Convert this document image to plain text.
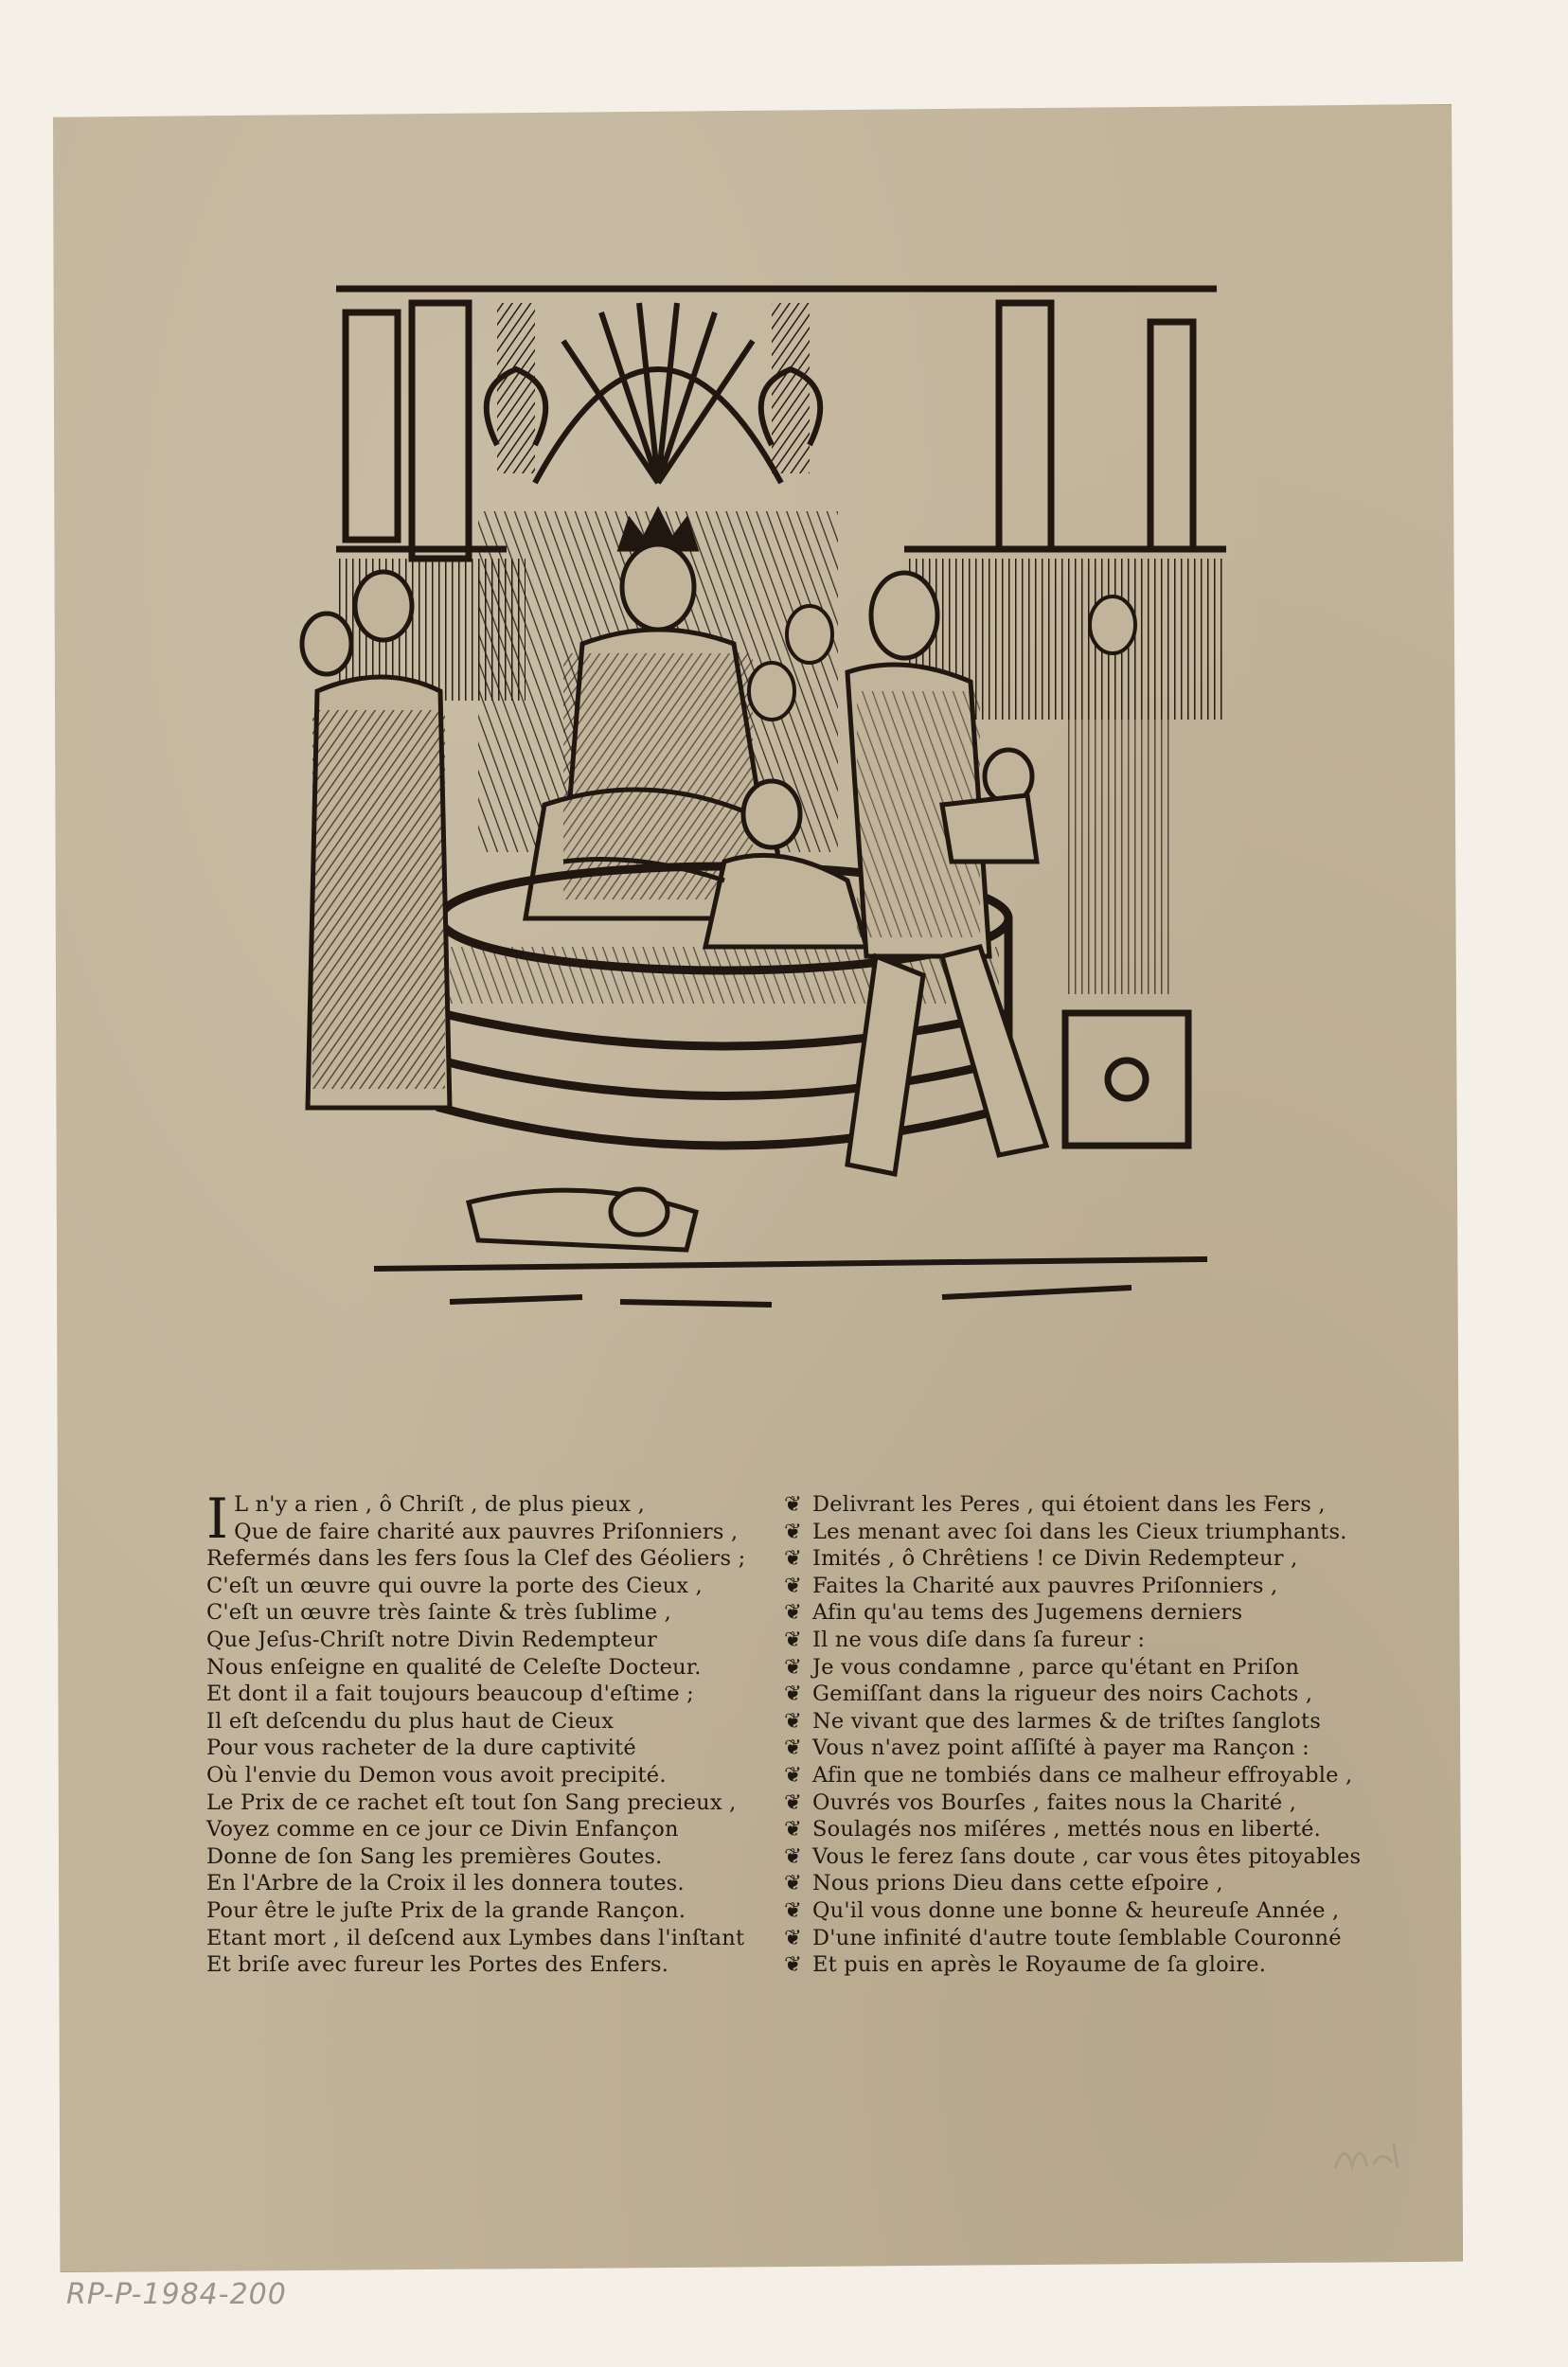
I L n'y a rien , ô Chriſt , de plus pieux ,
Que de faire charité aux pauvres Priſonniers ,
Refermés dans les fers ſous la Clef des Géoliers ;
C'eſt un œuvre qui ouvre la porte des Cieux ,
C'eſt un œuvre très ſainte & très ſublime ,
Que Jeſus-Chriſt notre Divin Redempteur
Nous enſeigne en qualité de Celeſte Docteur.
Et dont il a fait toujours beaucoup d'eſtime ;
Il eſt deſcendu du plus haut de Cieux
Pour vous racheter de la dure captivité
Où l'envie du Demon vous avoit precipité.
Le Prix de ce rachet eſt tout ſon Sang precieux ,
Voyez comme en ce jour ce Divin Enfançon
Donne de ſon Sang les premières Goutes.
En l'Arbre de la Croix il les donnera toutes.
Pour être le juſte Prix de la grande Rançon.
Etant mort , il deſcend aux Lymbes dans l'inſtant
Et briſe avec fureur les Portes des Enfers.
❦ Delivrant les Peres , qui étoient dans les Fers ,
❦ Les menant avec ſoi dans les Cieux triumphants.
❦ Imités , ô Chrêtiens ! ce Divin Redempteur ,
❦ Faites la Charité aux pauvres Priſonniers ,
❦ Afin qu'au tems des Jugemens derniers
❦ Il ne vous diſe dans ſa fureur :
❦ Je vous condamne , parce qu'étant en Priſon
❦ Gemiſſant dans la rigueur des noirs Cachots ,
❦ Ne vivant que des larmes & de triſtes ſanglots
❦ Vous n'avez point aſſiſté à payer ma Rançon :
❦ Afin que ne tombiés dans ce malheur effroyable ,
❦ Ouvrés vos Bourſes , faites nous la Charité ,
❦ Soulagés nos miſéres , mettés nous en liberté.
❦ Vous le ferez ſans doute , car vous êtes pitoyables
❦ Nous prions Dieu dans cette eſpoire ,
❦ Qu'il vous donne une bonne & heureuſe Année ,
❦ D'une infinité d'autre toute ſemblable Couronné
❦ Et puis en après le Royaume de ſa gloire.
RP-P-1984-200
